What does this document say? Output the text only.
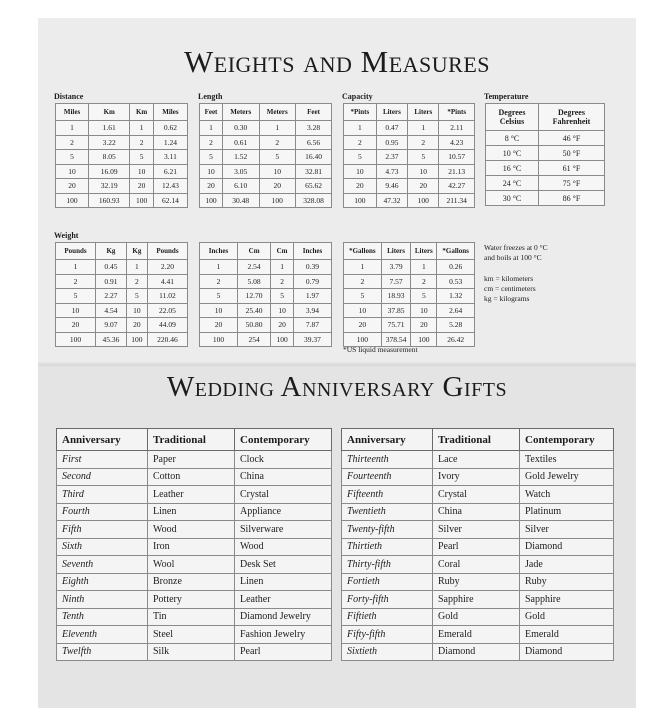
Weights and Measures
Distance
Miles	Km	Km	Miles
1	1.61	1	0.62
2	3.22	2	1.24
5	8.05	5	3.11
10	16.09	10	6.21
20	32.19	20	12.43
100	160.93	100	62.14
Length
Feet	Meters	Meters	Feet
1	0.30	1	3.28
2	0.61	2	6.56
5	1.52	5	16.40
10	3.05	10	32.81
20	6.10	20	65.62
100	30.48	100	328.08
Capacity
*Pints	Liters	Liters	*Pints
1	0.47	1	2.11
2	0.95	2	4.23
5	2.37	5	10.57
10	4.73	10	21.13
20	9.46	20	42.27
100	47.32	100	211.34
Temperature
Degrees Celsius	Degrees Fahrenheit
8 °C	46 °F
10 °C	50 °F
16 °C	61 °F
24 °C	75 °F
30 °C	86 °F
Weight
Pounds	Kg	Kg	Pounds
1	0.45	1	2.20
2	0.91	2	4.41
5	2.27	5	11.02
10	4.54	10	22.05
20	9.07	20	44.09
100	45.36	100	220.46
Inches	Cm	Cm	Inches
1	2.54	1	0.39
2	5.08	2	0.79
5	12.70	5	1.97
10	25.40	10	3.94
20	50.80	20	7.87
100	254	100	39.37
*Gallons	Liters	Liters	*Gallons
1	3.79	1	0.26
2	7.57	2	0.53
5	18.93	5	1.32
10	37.85	10	2.64
20	75.71	20	5.28
100	378.54	100	26.42
Water freezes at 0 °C
and boils at 100 °C
km = kilometers
cm = centimeters
kg = kilograms
*US liquid measurement
Wedding Anniversary Gifts
Anniversary	Traditional	Contemporary
First	Paper	Clock
Second	Cotton	China
Third	Leather	Crystal
Fourth	Linen	Appliance
Fifth	Wood	Silverware
Sixth	Iron	Wood
Seventh	Wool	Desk Set
Eighth	Bronze	Linen
Ninth	Pottery	Leather
Tenth	Tin	Diamond Jewelry
Eleventh	Steel	Fashion Jewelry
Twelfth	Silk	Pearl
Anniversary	Traditional	Contemporary
Thirteenth	Lace	Textiles
Fourteenth	Ivory	Gold Jewelry
Fifteenth	Crystal	Watch
Twentieth	China	Platinum
Twenty-fifth	Silver	Silver
Thirtieth	Pearl	Diamond
Thirty-fifth	Coral	Jade
Fortieth	Ruby	Ruby
Forty-fifth	Sapphire	Sapphire
Fiftieth	Gold	Gold
Fifty-fifth	Emerald	Emerald
Sixtieth	Diamond	Diamond
